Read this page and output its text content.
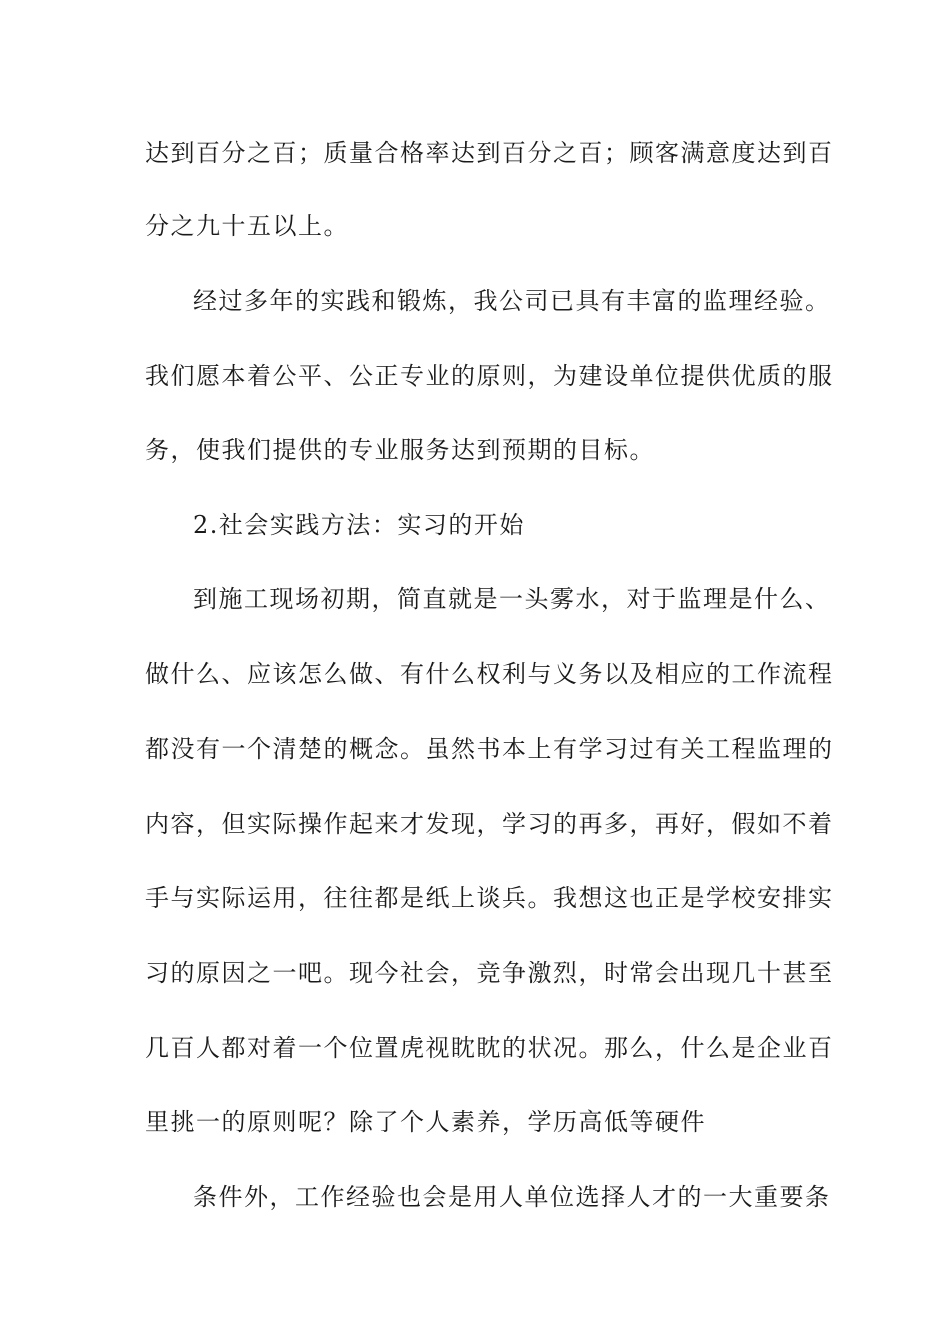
达到百分之百；质量合格率达到百分之百；顾客满意度达到百
分之九十五以上。
经过多年的实践和锻炼，我公司已具有丰富的监理经验。
我们愿本着公平、公正专业的原则，为建设单位提供优质的服
务，使我们提供的专业服务达到预期的目标。
2.社会实践方法：实习的开始
到施工现场初期，简直就是一头雾水，对于监理是什么、
做什么、应该怎么做、有什么权利与义务以及相应的工作流程
都没有一个清楚的概念。虽然书本上有学习过有关工程监理的
内容，但实际操作起来才发现，学习的再多，再好，假如不着
手与实际运用，往往都是纸上谈兵。我想这也正是学校安排实
习的原因之一吧。现今社会，竞争激烈，时常会出现几十甚至
几百人都对着一个位置虎视眈眈的状况。那么，什么是企业百
里挑一的原则呢？除了个人素养，学历高低等硬件
条件外，工作经验也会是用人单位选择人才的一大重要条
